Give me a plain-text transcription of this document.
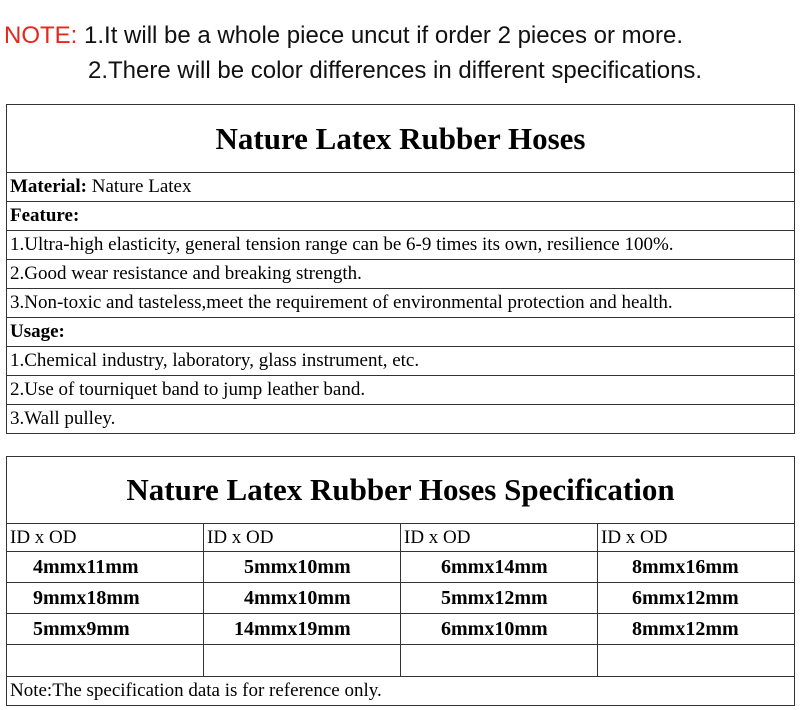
NOTE: 1.It will be a whole piece uncut if order 2 pieces or more.
2.There will be color differences in different specifications.
Nature Latex Rubber Hoses
Material: Nature Latex
Feature:
1.Ultra-high elasticity, general tension range can be 6-9 times its own, resilience 100%.
2.Good wear resistance and breaking strength.
3.Non-toxic and tasteless,meet the requirement of environmental protection and health.
Usage:
1.Chemical industry, laboratory, glass instrument, etc.
2.Use of tourniquet band to jump leather band.
3.Wall pulley.
Nature Latex Rubber Hoses Specification			
ID x OD	ID x OD	ID x OD	ID x OD
4mmx11mm	5mmx10mm	6mmx14mm	8mmx16mm
9mmx18mm	4mmx10mm	5mmx12mm	6mmx12mm
5mmx9mm	14mmx19mm	6mmx10mm	8mmx12mm

Note:The specification data is for reference only.			
